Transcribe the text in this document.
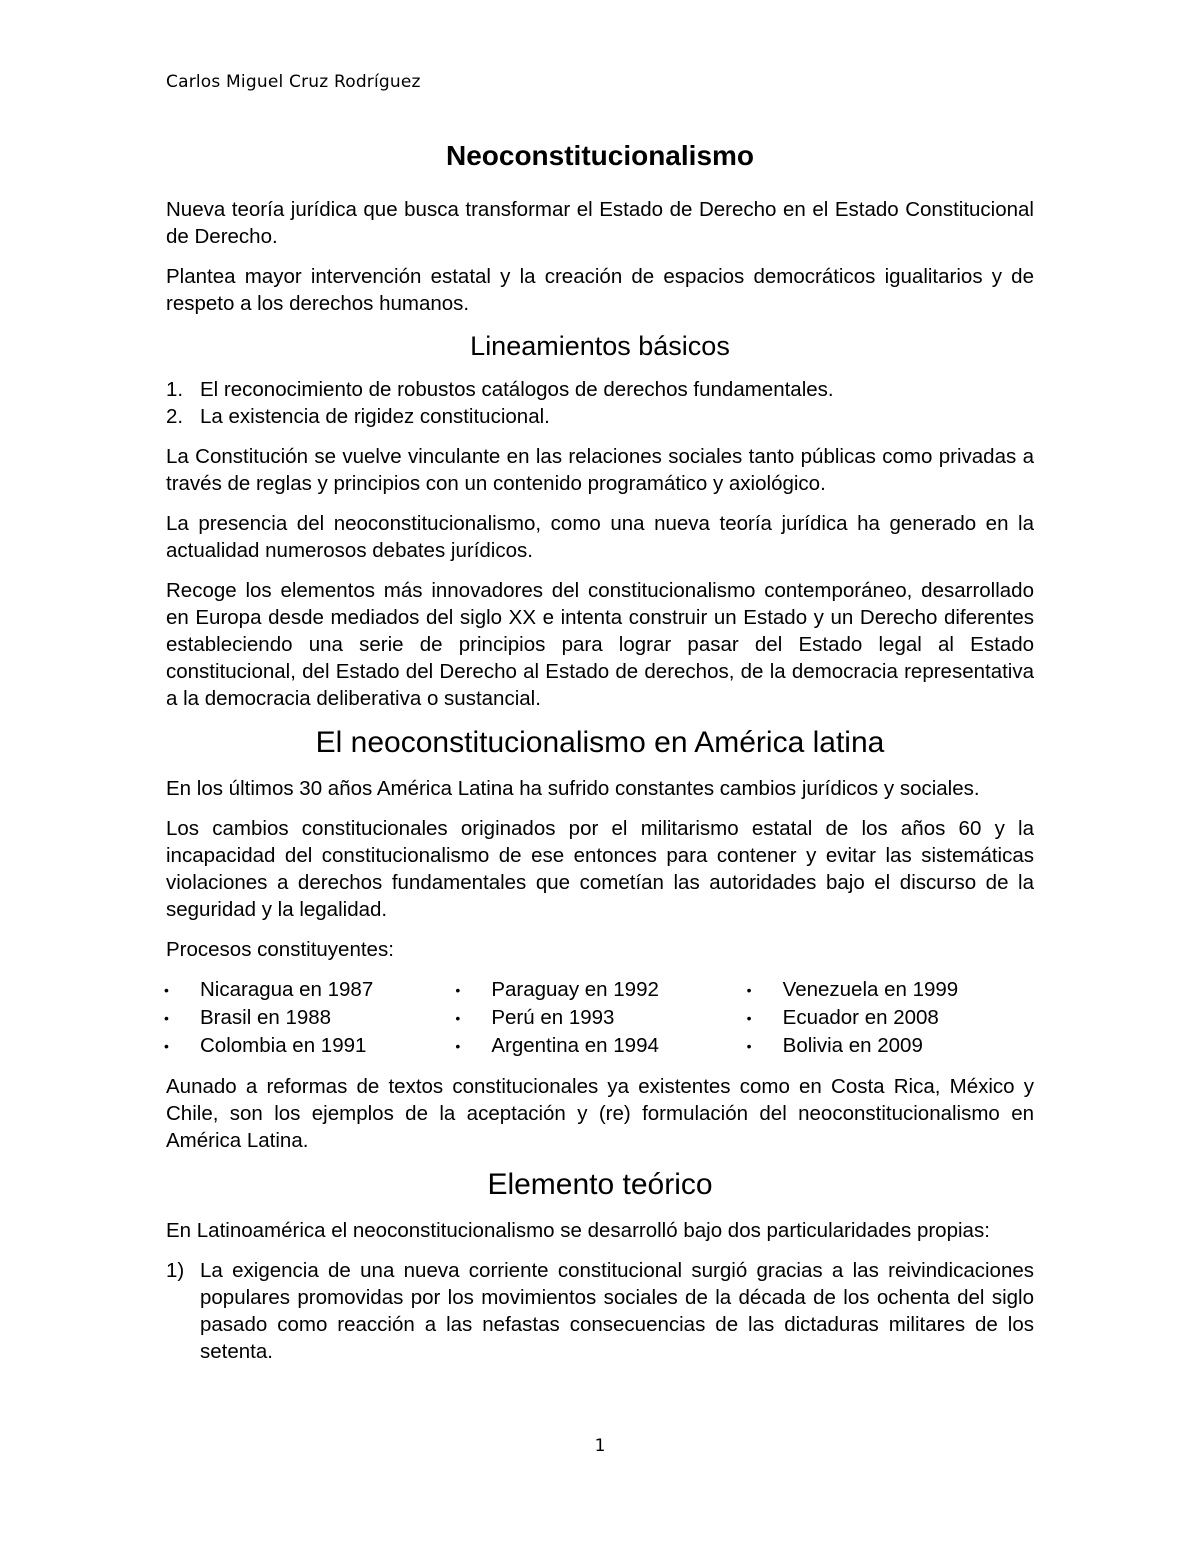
Carlos Miguel Cruz Rodríguez
Neoconstitucionalismo

Nueva teoría jurídica que busca transformar el Estado de Derecho en el Estado Constitucional de Derecho.

Plantea mayor intervención estatal y la creación de espacios democráticos igualitarios y de respeto a los derechos humanos.

Lineamientos básicos
1. El reconocimiento de robustos catálogos de derechos fundamentales.
2. La existencia de rigidez constitucional.

La Constitución se vuelve vinculante en las relaciones sociales tanto públicas como privadas a través de reglas y principios con un contenido programático y axiológico.

La presencia del neoconstitucionalismo, como una nueva teoría jurídica ha generado en la actualidad numerosos debates jurídicos.

Recoge los elementos más innovadores del constitucionalismo contemporáneo, desarrollado en Europa desde mediados del siglo XX e intenta construir un Estado y un Derecho diferentes estableciendo una serie de principios para lograr pasar del Estado legal al Estado constitucional, del Estado del Derecho al Estado de derechos, de la democracia representativa a la democracia deliberativa o sustancial.

El neoconstitucionalismo en América latina

En los últimos 30 años América Latina ha sufrido constantes cambios jurídicos y sociales.

Los cambios constitucionales originados por el militarismo estatal de los años 60 y la incapacidad del constitucionalismo de ese entonces para contener y evitar las sistemáticas violaciones a derechos fundamentales que cometían las autoridades bajo el discurso de la seguridad y la legalidad.

Procesos constituyentes:

•	Nicaragua en 1987
•	Brasil en 1988
•	Colombia en 1991
•	Paraguay en 1992
•	Perú en 1993
•	Argentina en 1994
•	Venezuela en 1999
•	Ecuador en 2008
•	Bolivia en 2009

Aunado a reformas de textos constitucionales ya existentes como en Costa Rica, México y Chile, son los ejemplos de la aceptación y (re) formulación del neoconstitucionalismo en América Latina.

Elemento teórico

En Latinoamérica el neoconstitucionalismo se desarrolló bajo dos particularidades propias:

1) La exigencia de una nueva corriente constitucional surgió gracias a las reivindicaciones populares promovidas por los movimientos sociales de la década de los ochenta del siglo pasado como reacción a las nefastas consecuencias de las dictaduras militares de los setenta.
1
